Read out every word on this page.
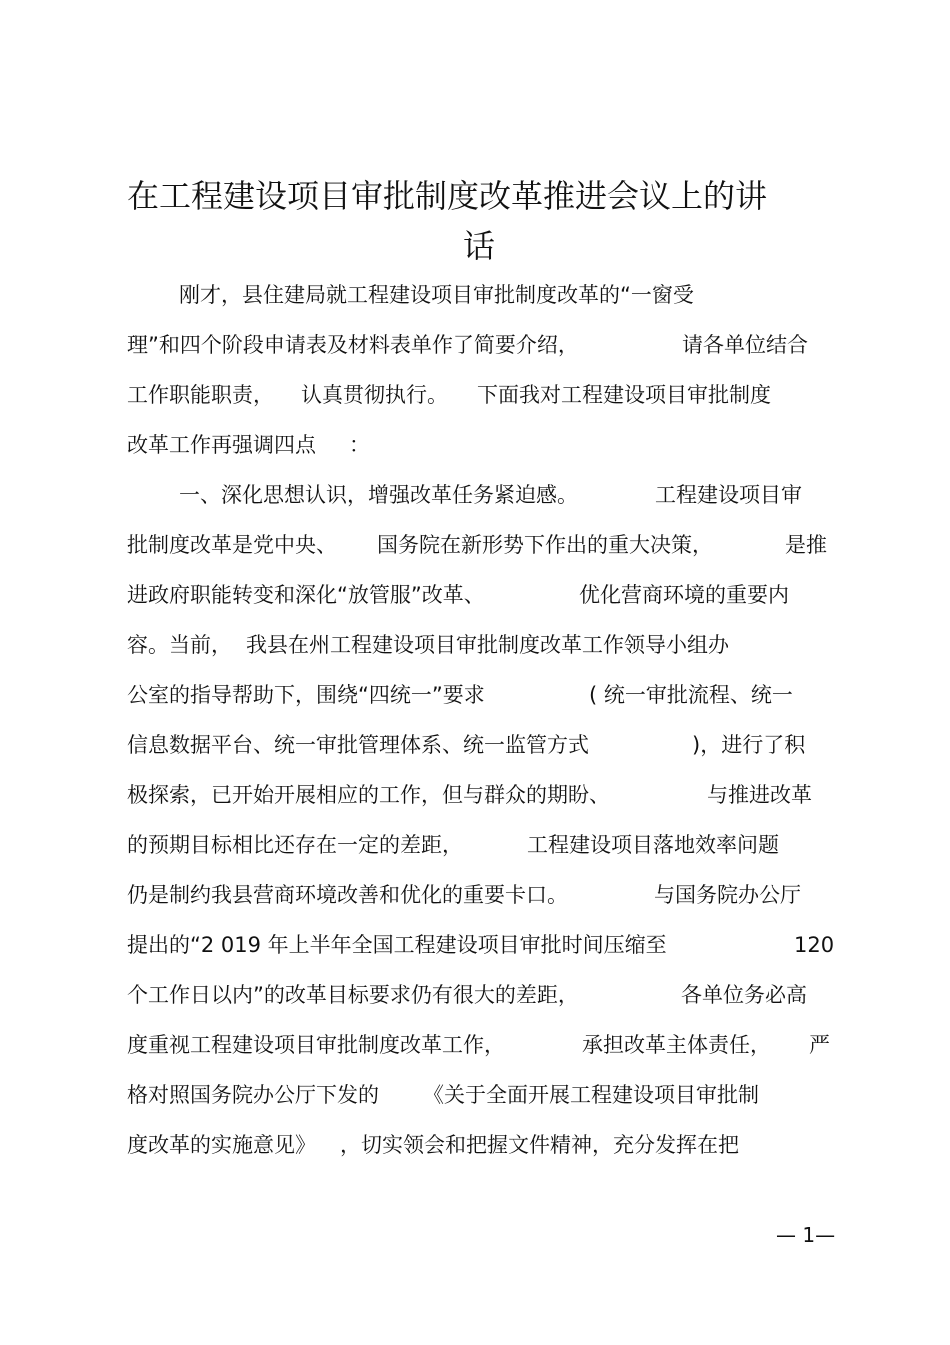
在工程建设项目审批制度改革推进会议上的讲
话
刚才，县住建局就工程建设项目审批制度改革的“一窗受
理”和四个阶段申请表及材料表单作了简要介绍，	请各单位结合
工作职能职责， 认真贯彻执行。 下面我对工程建设项目审批制度
改革工作再强调四点 ：
一、深化思想认识，增强改革任务紧迫感。	工程建设项目审
批制度改革是党中央、 国务院在新形势下作出的重大决策，	是推
进政府职能转变和深化“放管服”改革、	优化营商环境的重要内
容。当前， 我县在州工程建设项目审批制度改革工作领导小组办
公室的指导帮助下，围绕“四统一”要求	( 统一审批流程、统一
信息数据平台、统一审批管理体系、统一监管方式	)，进行了积
极探索，已开始开展相应的工作，但与群众的期盼、	与推进改革
的预期目标相比还存在一定的差距，	工程建设项目落地效率问题
仍是制约我县营商环境改善和优化的重要卡口。	与国务院办公厅
提出的“2 019 年上半年全国工程建设项目审批时间压缩至	120
个工作日以内”的改革目标要求仍有很大的差距，	各单位务必高
度重视工程建设项目审批制度改革工作，	承担改革主体责任， 严
格对照国务院办公厅下发的 《关于全面开展工程建设项目审批制
度改革的实施意见》 ，切实领会和把握文件精神，充分发挥在把
— 1—
